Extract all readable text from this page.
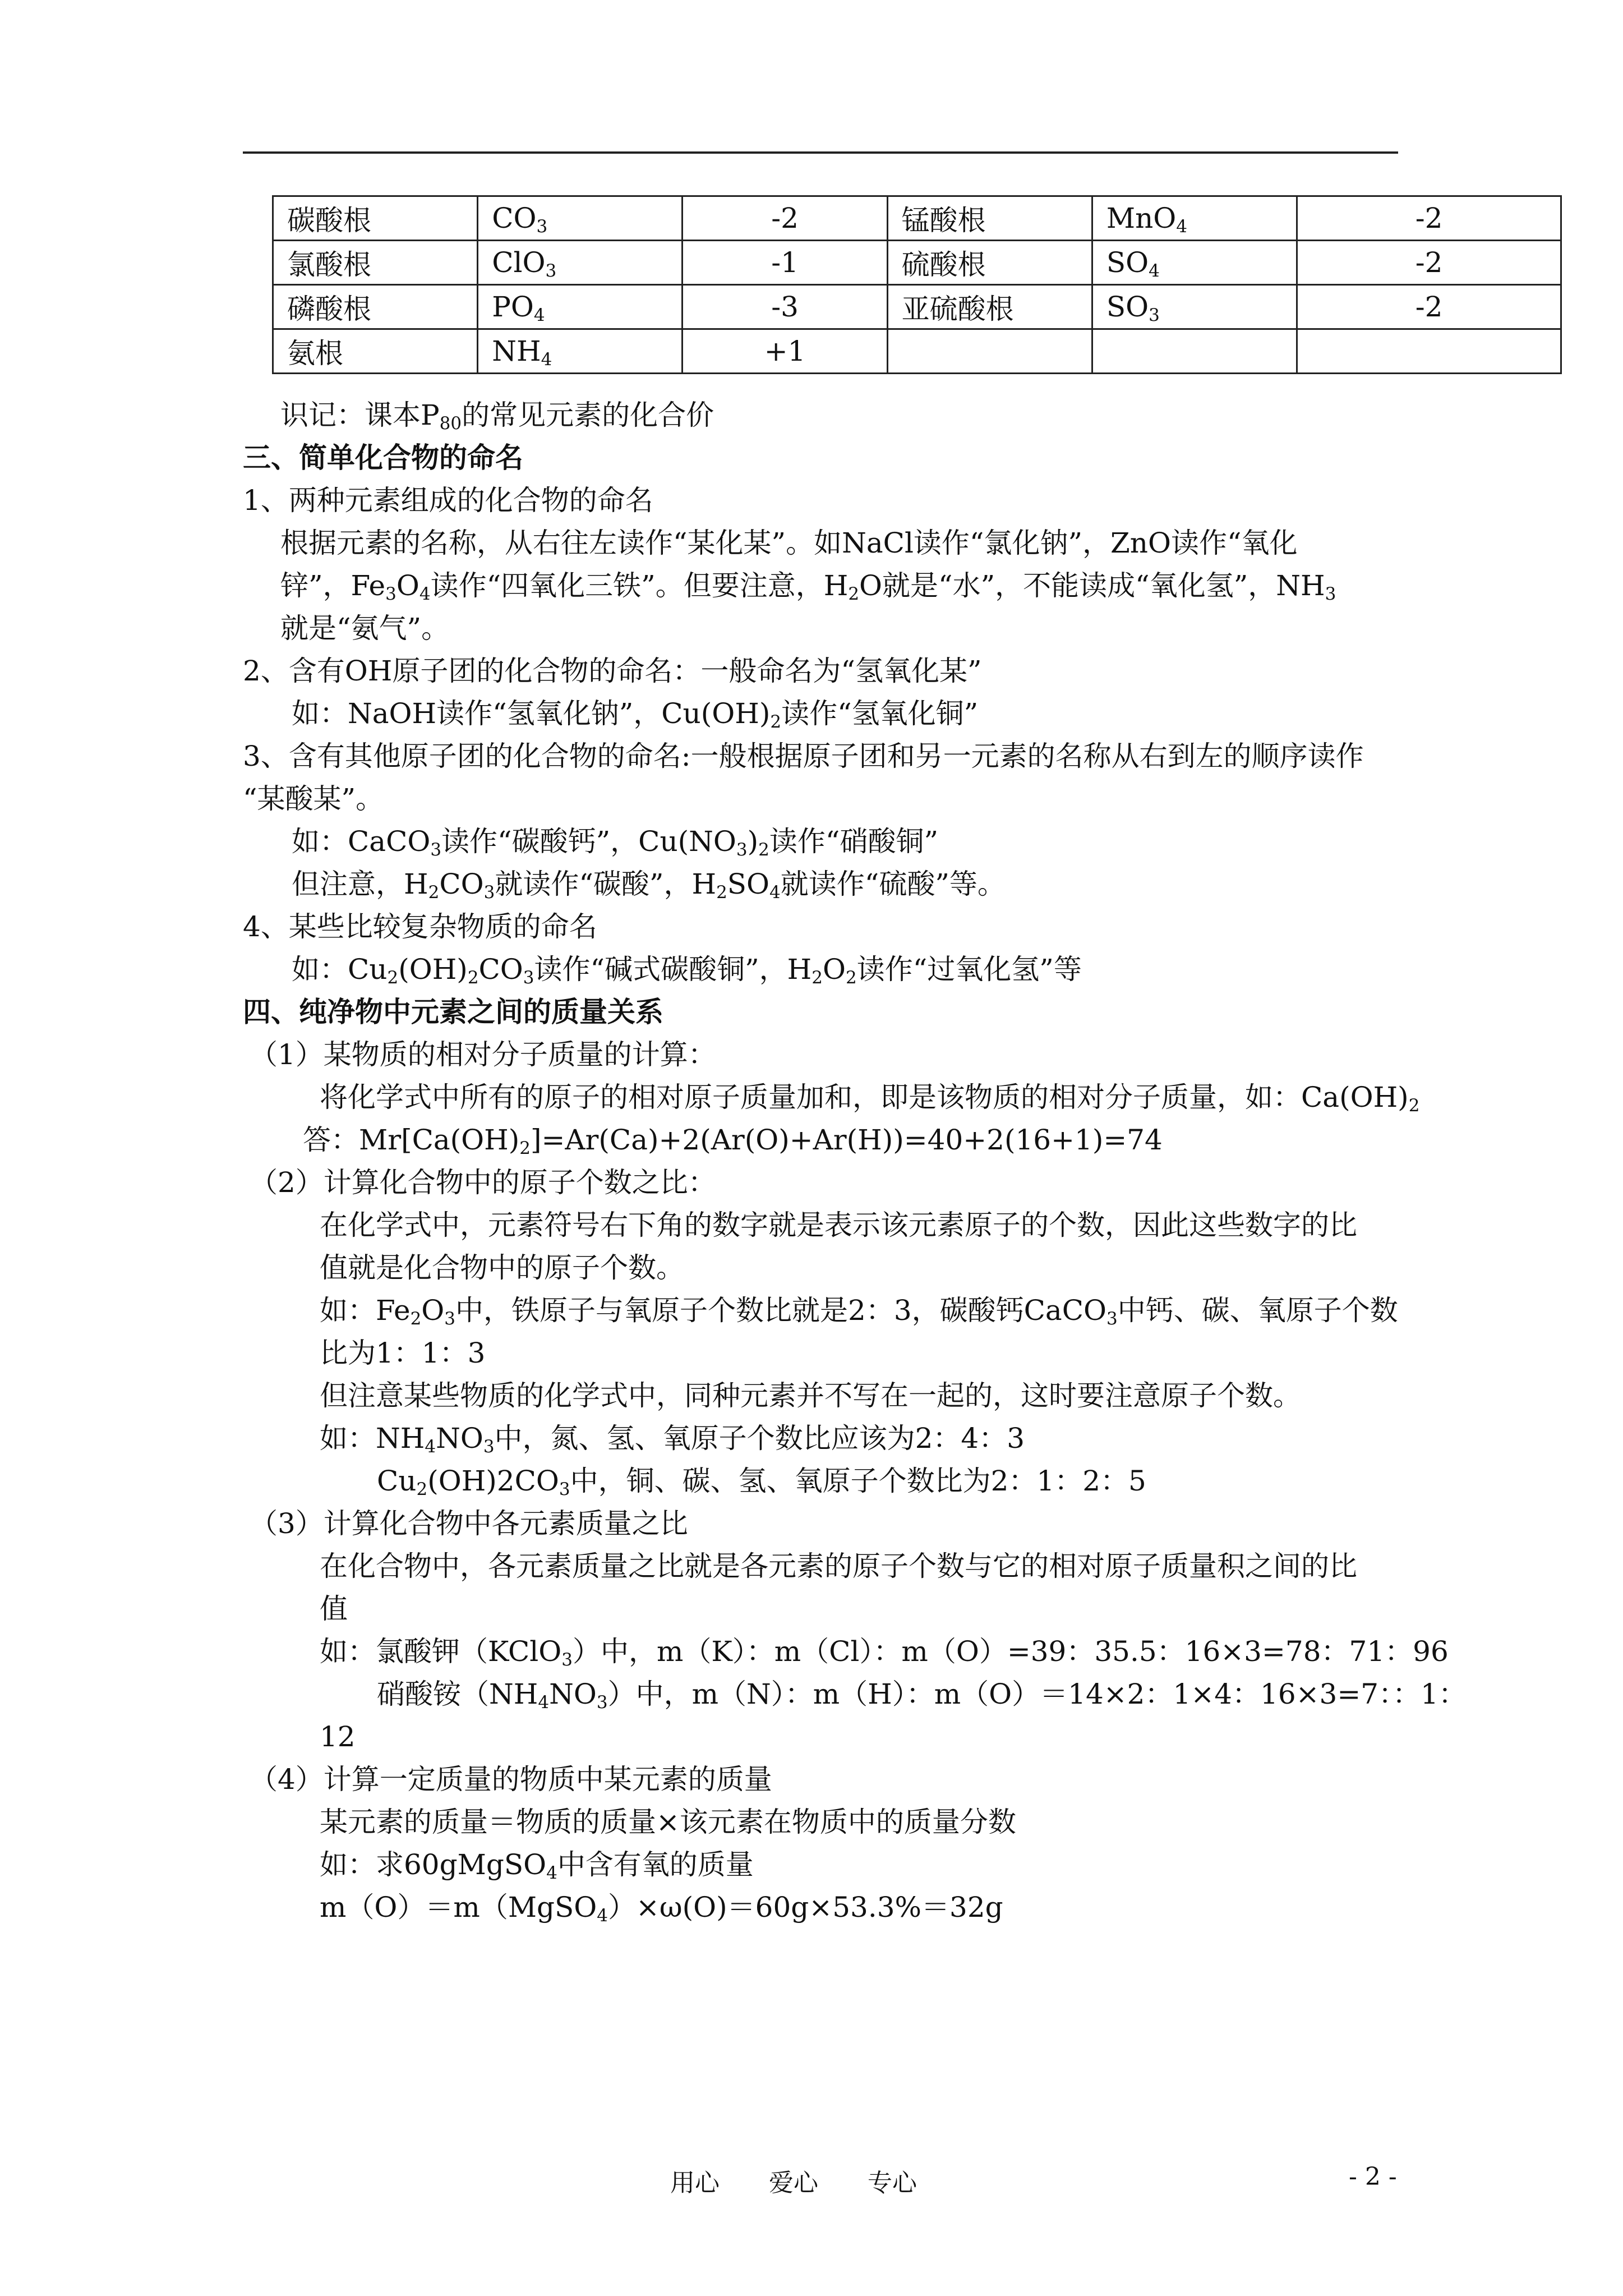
碳酸根	$CO_3$	-2	锰酸根	MnO$_4$	-2
氯酸根	ClO$_3$	-1	硫酸根	$SO_4$	-2
磷酸根	$PO_4$	-3	亚硫酸根	$SO_3$	-2
氨根	$NH_4$	+1			
识记：课本$P_{80}$的常见元素的化合价
三、简单化合物的命名
1、两种元素组成的化合物的命名
根据元素的名称，从右往左读作“某化某”。如NaCl读作“氯化钠”，ZnO读作“氧化
锌”，$Fe_3O_4$读作“四氧化三铁”。但要注意，$H_2O$就是“水”，不能读成“氧化氢”，$NH_3$
就是“氨气”。
2、含有OH原子团的化合物的命名：一般命名为“氢氧化某”
如：NaOH读作“氢氧化钠”，$Cu(OH)_2$读作“氢氧化铜”
3、含有其他原子团的化合物的命名:一般根据原子团和另一元素的名称从右到左的顺序读作
“某酸某”。
如：CaCO$_3$读作“碳酸钙”，$Cu(NO_3)_2$读作“硝酸铜”
但注意，$H_2CO_3$就读作“碳酸”，$H_2SO_4$就读作“硫酸”等。
4、某些比较复杂物质的命名
如：$Cu_2(OH)_2CO_3$读作“碱式碳酸铜”，$H_2O_2$读作“过氧化氢”等
四、纯净物中元素之间的质量关系
（1）某物质的相对分子质量的计算：
将化学式中所有的原子的相对原子质量加和，即是该物质的相对分子质量，如：$Ca(OH)_2$
答：$Mr[Ca(OH)_2]=Ar(Ca)+2(Ar(O)+Ar(H))=40+2(16+1)=74$
（2）计算化合物中的原子个数之比：
在化学式中，元素符号右下角的数字就是表示该元素原子的个数，因此这些数字的比
值就是化合物中的原子个数。
如：$Fe_2O_3$中，铁原子与氧原子个数比就是2：3，碳酸钙CaCO$_3$中钙、碳、氧原子个数
比为1：1：3
但注意某些物质的化学式中，同种元素并不写在一起的，这时要注意原子个数。
如：$NH_4NO_3$中，氮、氢、氧原子个数比应该为2：4：3
$Cu_2(OH)2CO_3$中，铜、碳、氢、氧原子个数比为2：1：2：5
（3）计算化合物中各元素质量之比
在化合物中，各元素质量之比就是各元素的原子个数与它的相对原子质量积之间的比
值
如：氯酸钾（KClO$_3$）中，m（K）：m（Cl）：m（O）=39：35.5：16×3=78：71：96
硝酸铵$(NH_4NO_3)$中，m（N）：m（H）：m（O）＝14×2：1×4：16×3=7：：1：
12
（4）计算一定质量的物质中某元素的质量
某元素的质量＝物质的质量×该元素在物质中的质量分数
如：求60gMgSO$_4$中含有氧的质量
m（O）＝m（MgSO$_4$）×ω(O)＝60g×53.3%＝32g
用心　　爱心　　专心	- 2 -
